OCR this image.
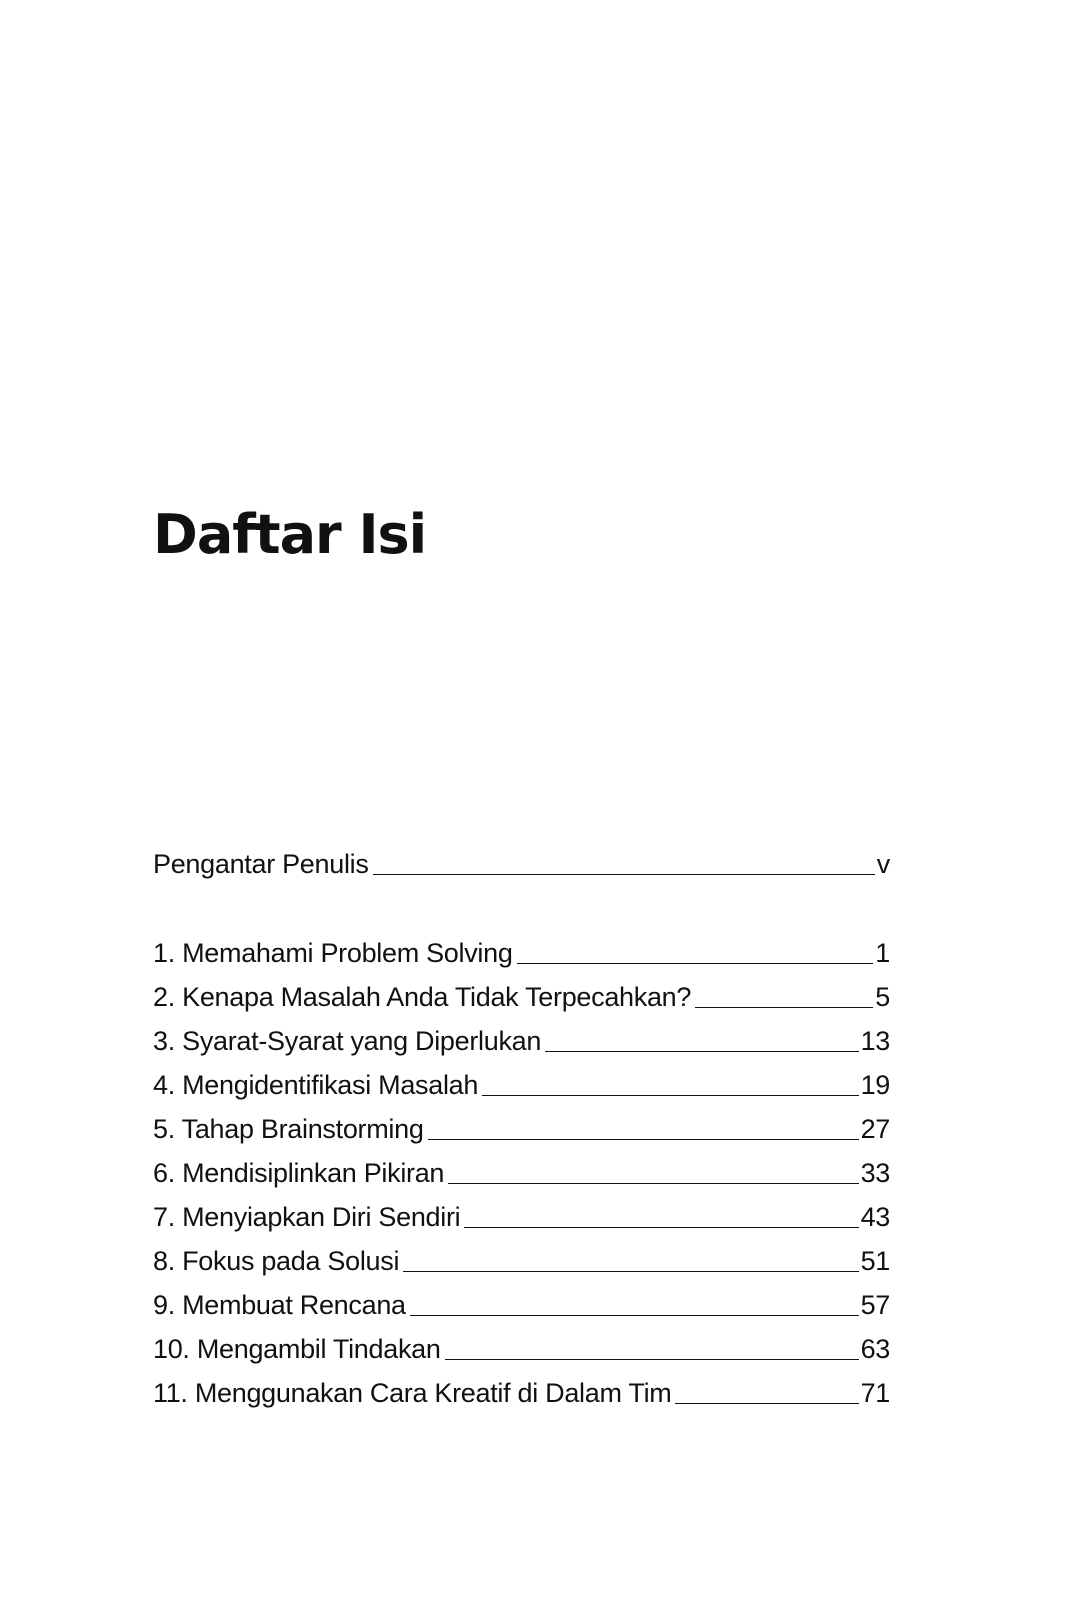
Daftar Isi
Pengantar Penulis	v
1. Memahami Problem Solving	1
2. Kenapa Masalah Anda Tidak Terpecahkan?	5
3. Syarat-Syarat yang Diperlukan	13
4. Mengidentifikasi Masalah	19
5. Tahap Brainstorming	27
6. Mendisiplinkan Pikiran	33
7. Menyiapkan Diri Sendiri	43
8. Fokus pada Solusi	51
9. Membuat Rencana	57
10. Mengambil Tindakan	63
11. Menggunakan Cara Kreatif di Dalam Tim	71
